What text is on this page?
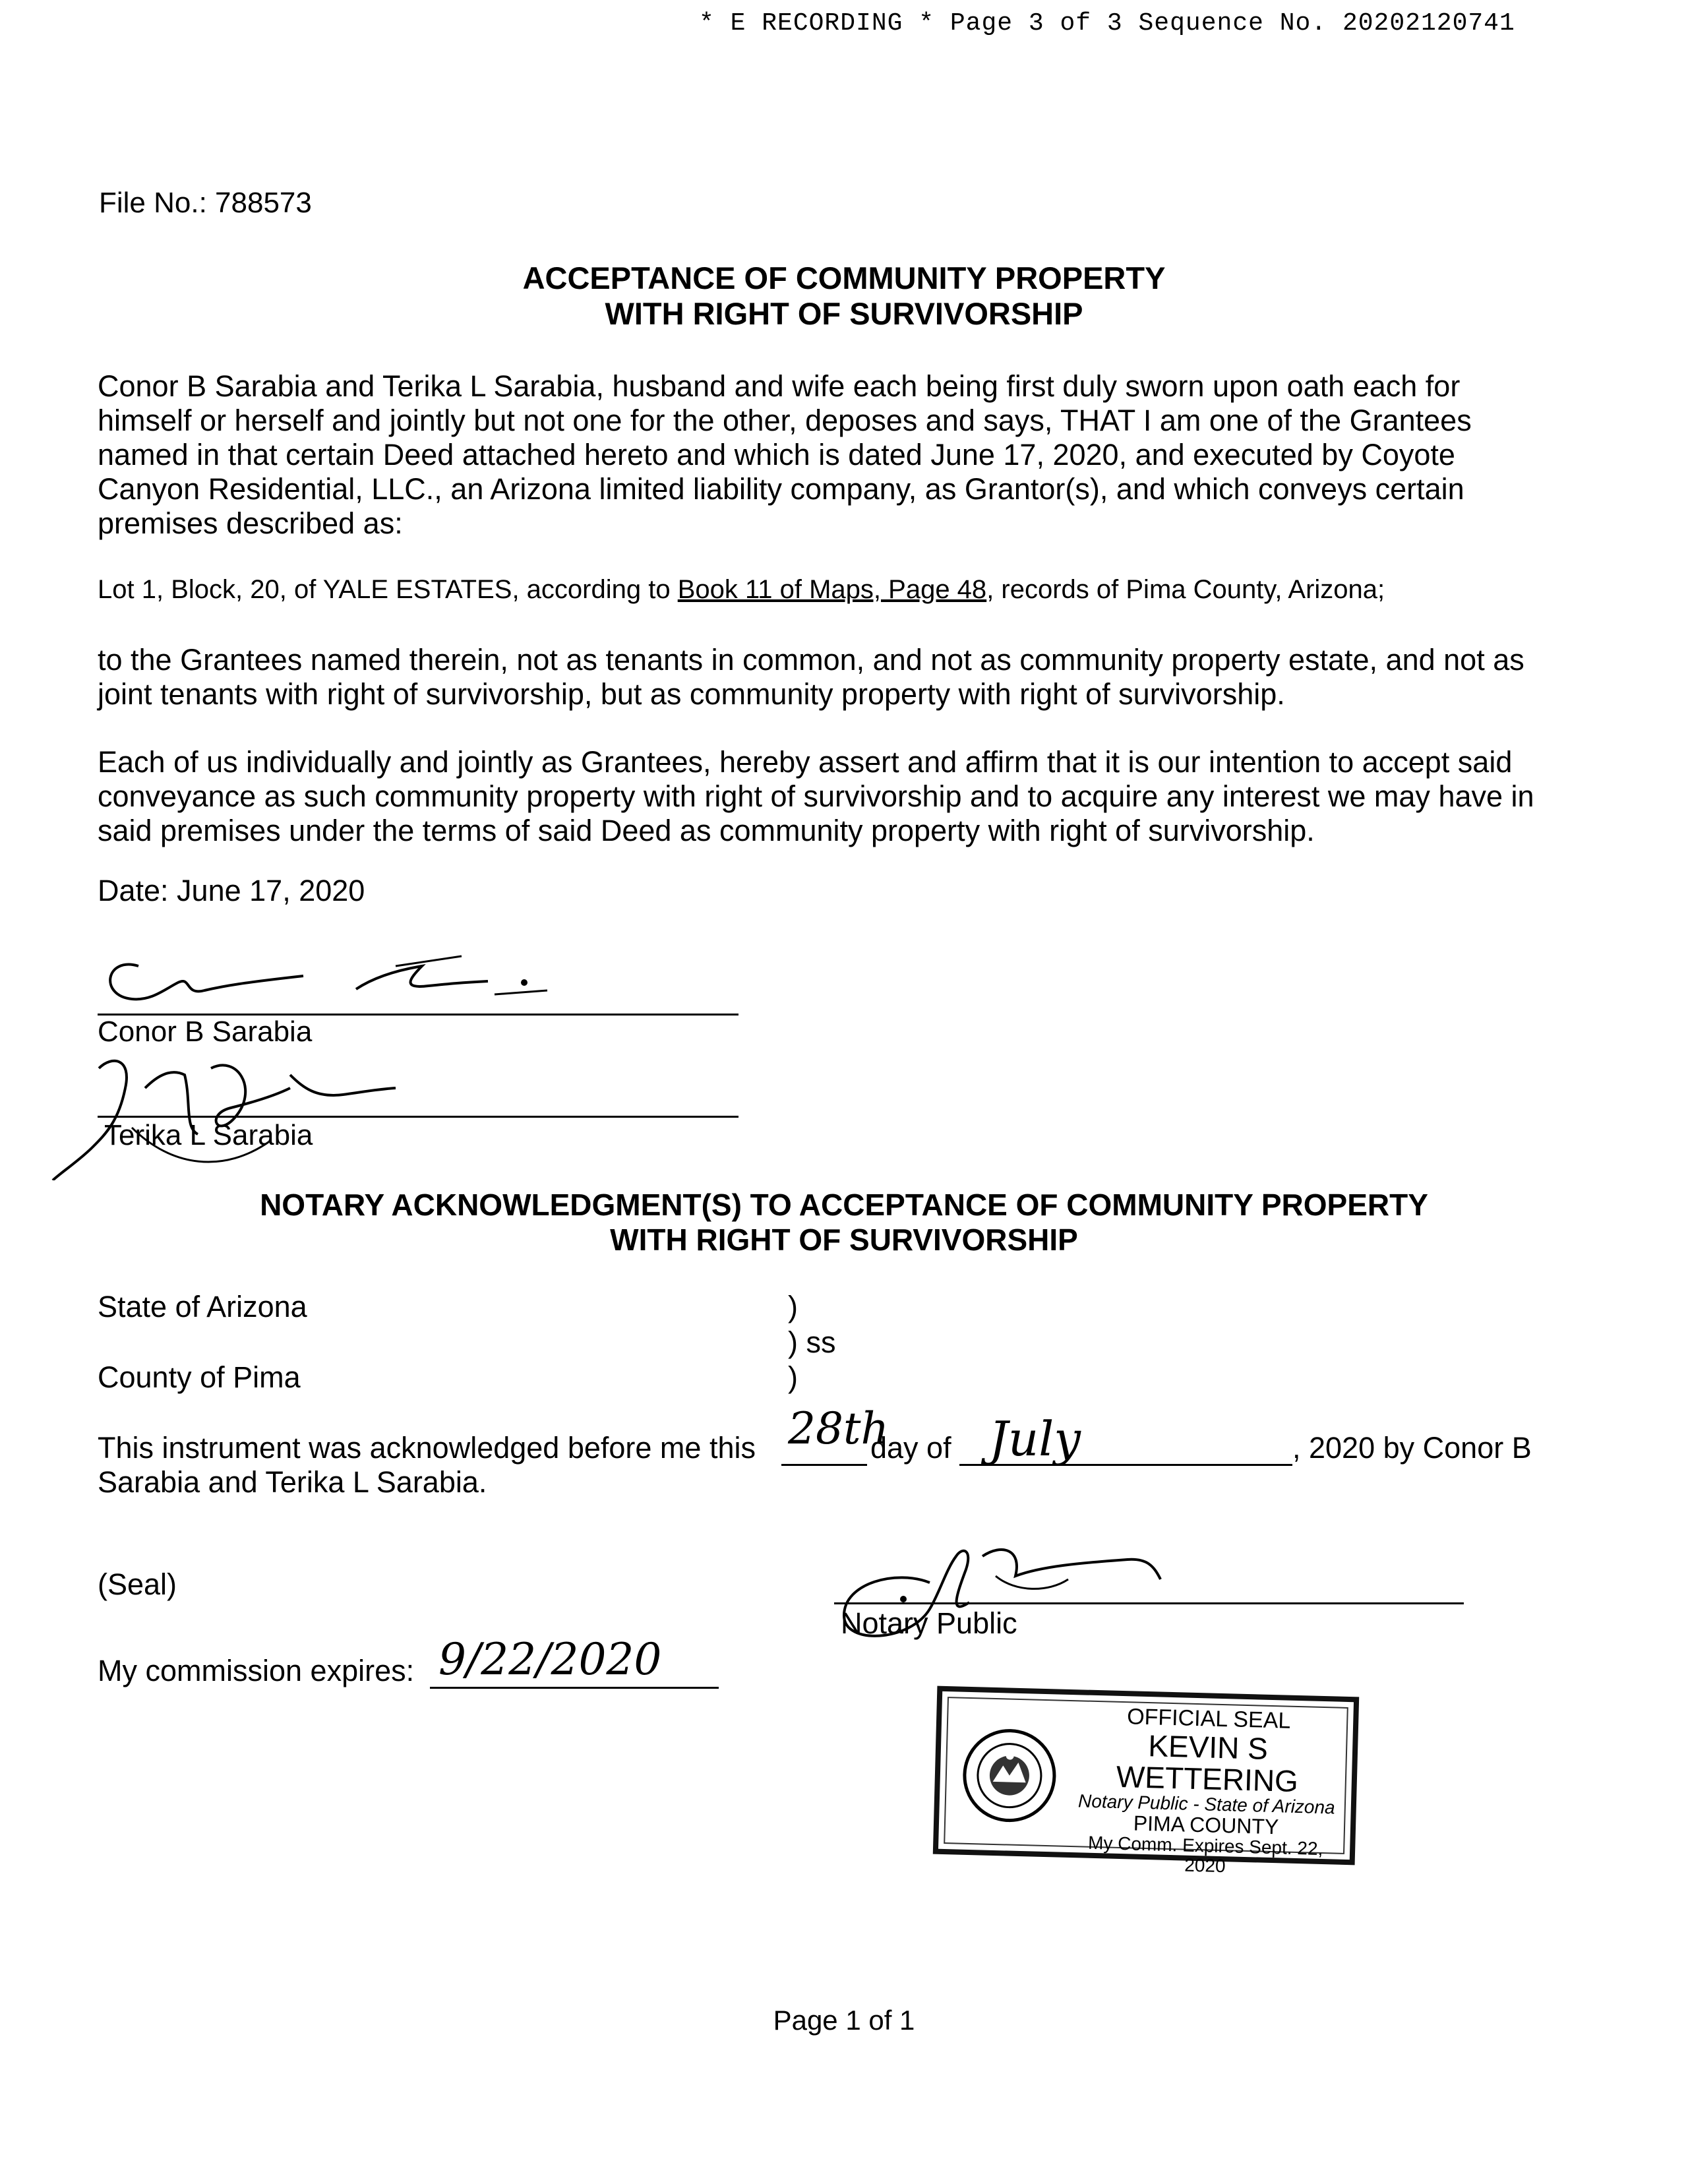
* E RECORDING * Page 3 of 3 Sequence No. 20202120741
File No.: 788573
ACCEPTANCE OF COMMUNITY PROPERTY
WITH RIGHT OF SURVIVORSHIP
Conor B Sarabia and Terika L Sarabia, husband and wife each being first duly sworn upon oath each for
himself or herself and jointly but not one for the other, deposes and says, THAT I am one of the Grantees
named in that certain Deed attached hereto and which is dated June 17, 2020, and executed by Coyote
Canyon Residential, LLC., an Arizona limited liability company, as Grantor(s), and which conveys certain
premises described as:
Lot 1, Block, 20, of YALE ESTATES, according to Book 11 of Maps, Page 48, records of Pima County, Arizona;
to the Grantees named therein, not as tenants in common, and not as community property estate, and not as
joint tenants with right of survivorship, but as community property with right of survivorship.
Each of us individually and jointly as Grantees, hereby assert and affirm that it is our intention to accept said
conveyance as such community property with right of survivorship and to acquire any interest we may have in
said premises under the terms of said Deed as community property with right of survivorship.
Date: June 17, 2020
Conor B Sarabia
Terika L Sarabia
NOTARY ACKNOWLEDGMENT(S) TO ACCEPTANCE OF COMMUNITY PROPERTY
WITH RIGHT OF SURVIVORSHIP
State of Arizona	)
) ss
County of Pima	)
This instrument was acknowledged before me this 28th
day of July	, 2020 by Conor B
Sarabia and Terika L Sarabia.
(Seal)
Notary Public
My commission expires: 9/22/2020
OFFICIAL SEAL
KEVIN S WETTERING
Notary Public - State of Arizona
PIMA COUNTY
My Comm. Expires Sept. 22, 2020
Page 1 of 1
